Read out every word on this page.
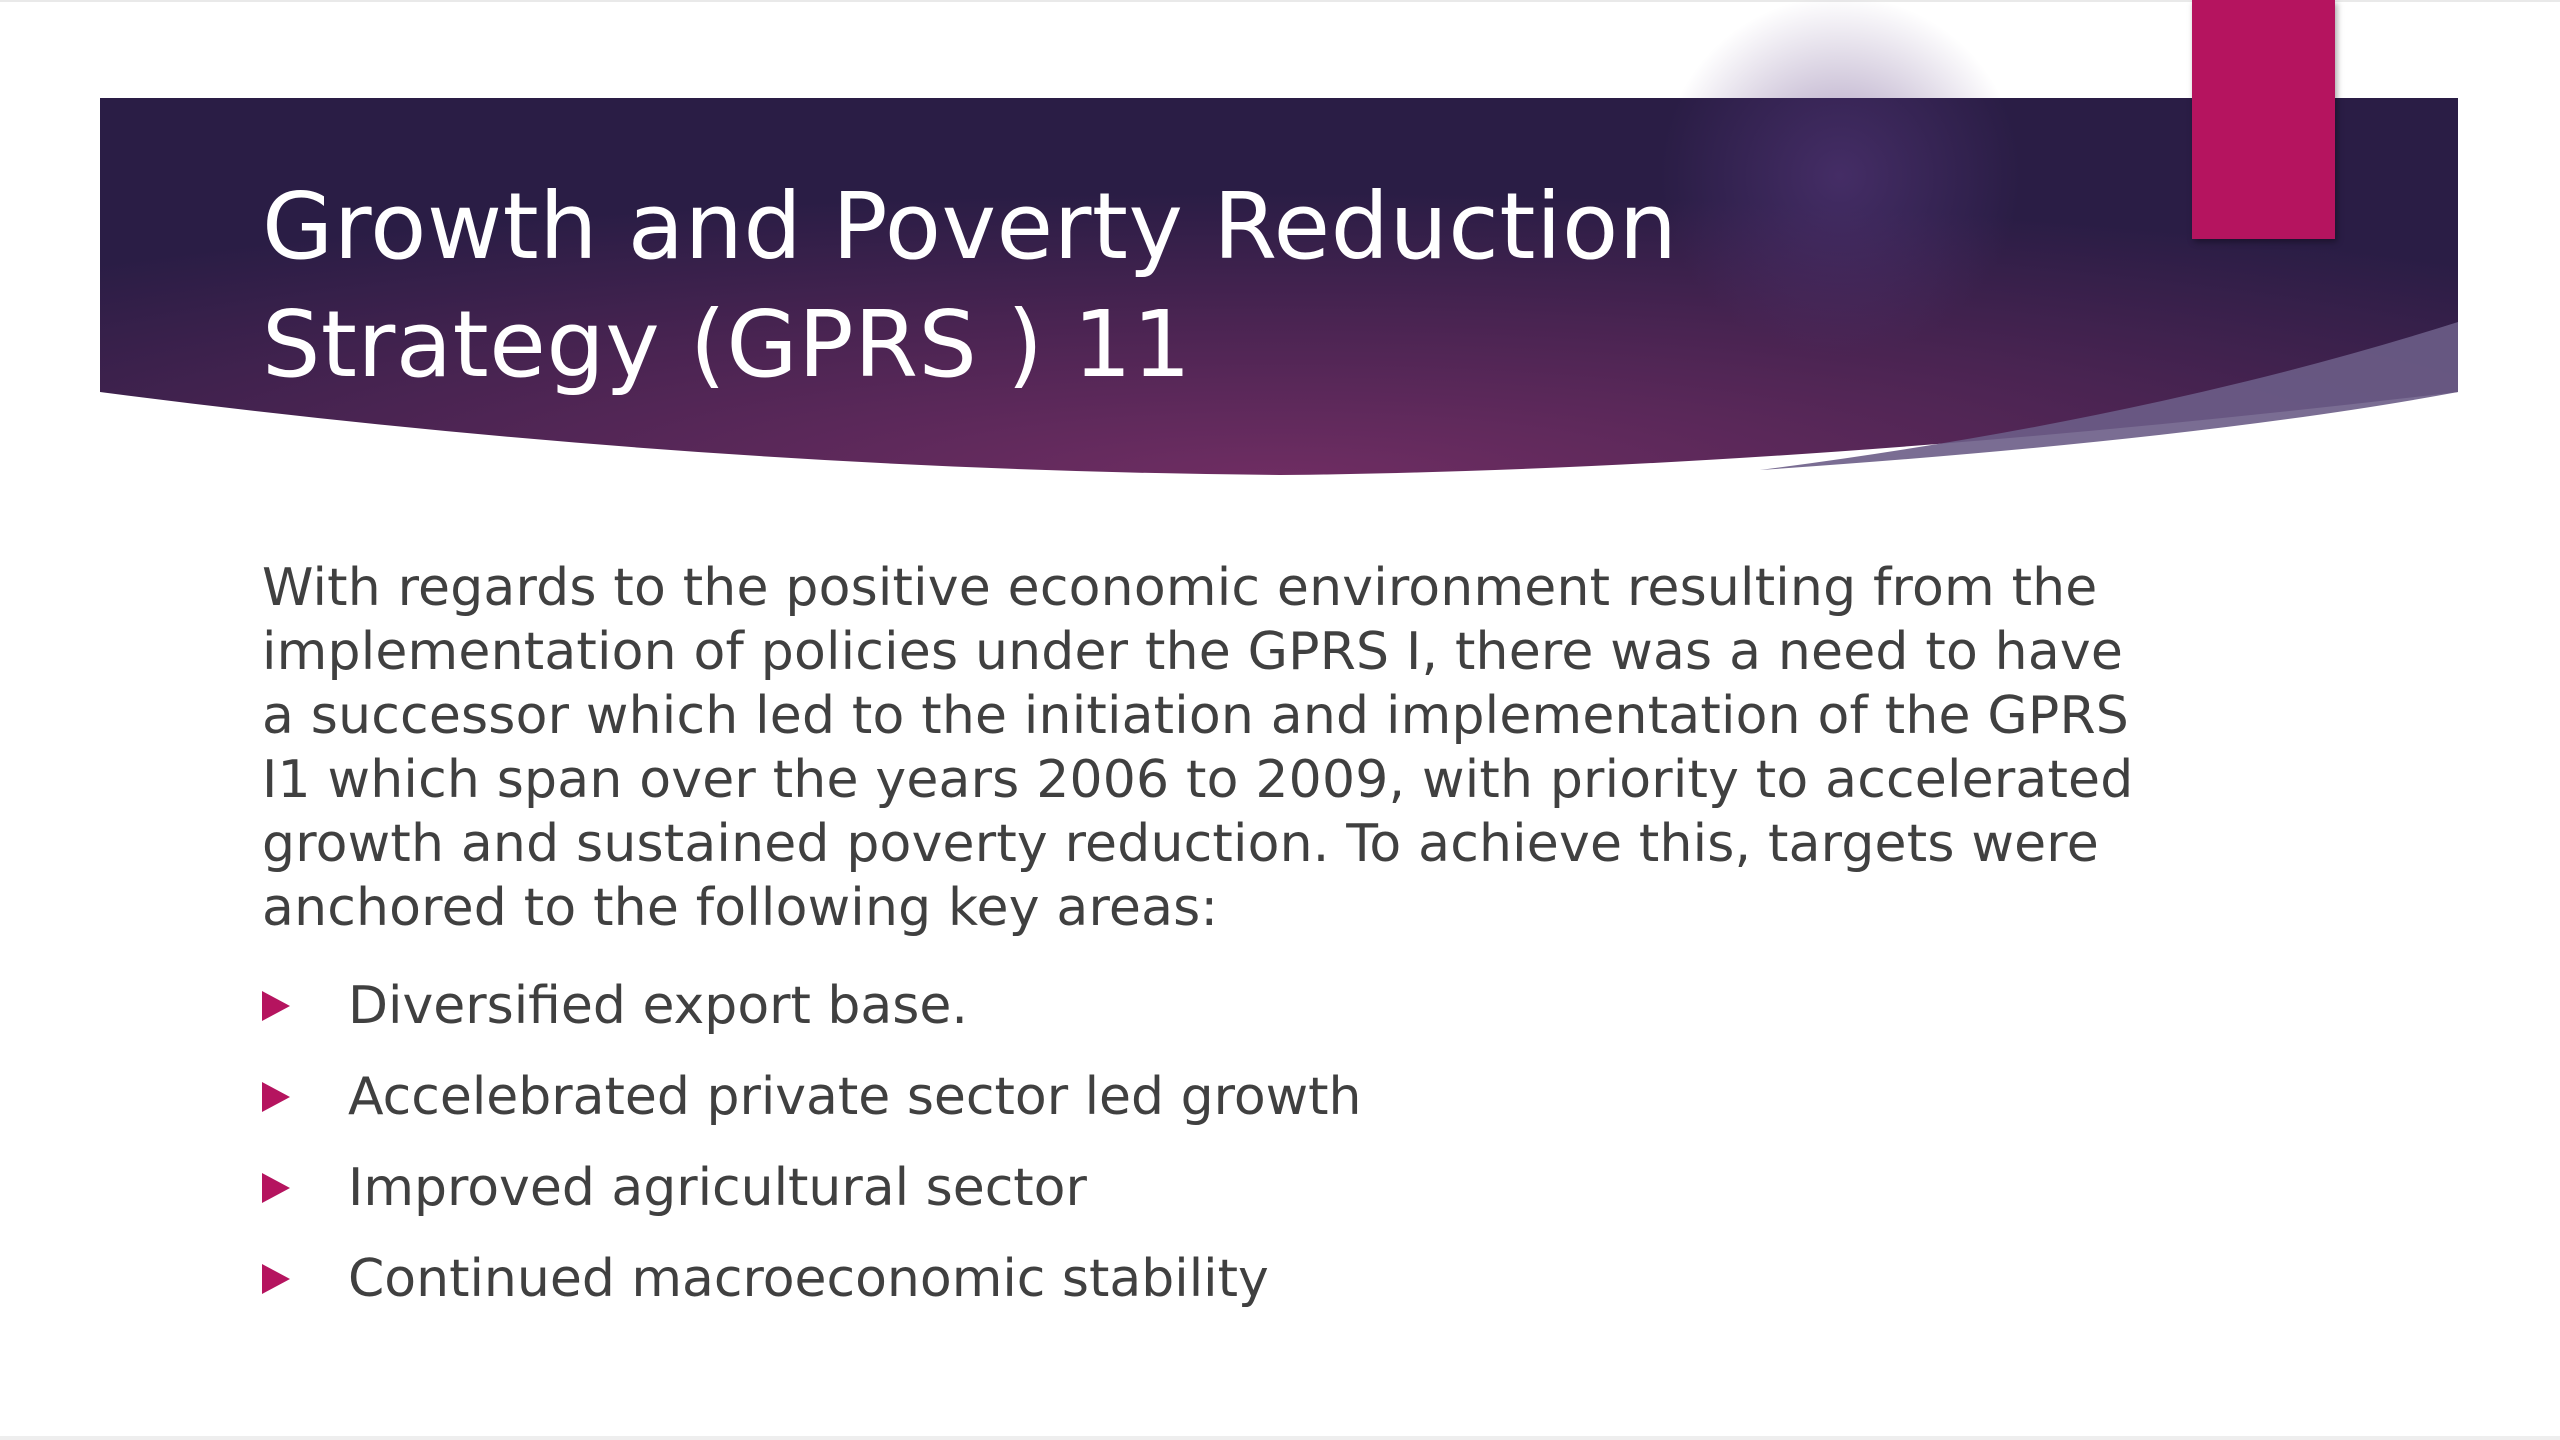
Growth and Poverty Reduction
Strategy (GPRS ) 11

With regards to the positive economic environment resulting from the implementation of policies under the GPRS I, there was a need to have a successor which led to the initiation and implementation of the GPRS I1 which span over the years 2006 to 2009, with priority to accelerated growth and sustained poverty reduction. To achieve this, targets were anchored to the following key areas:

Diversified export base.
Accelebrated private sector led growth
Improved agricultural sector
Continued macroeconomic stability
